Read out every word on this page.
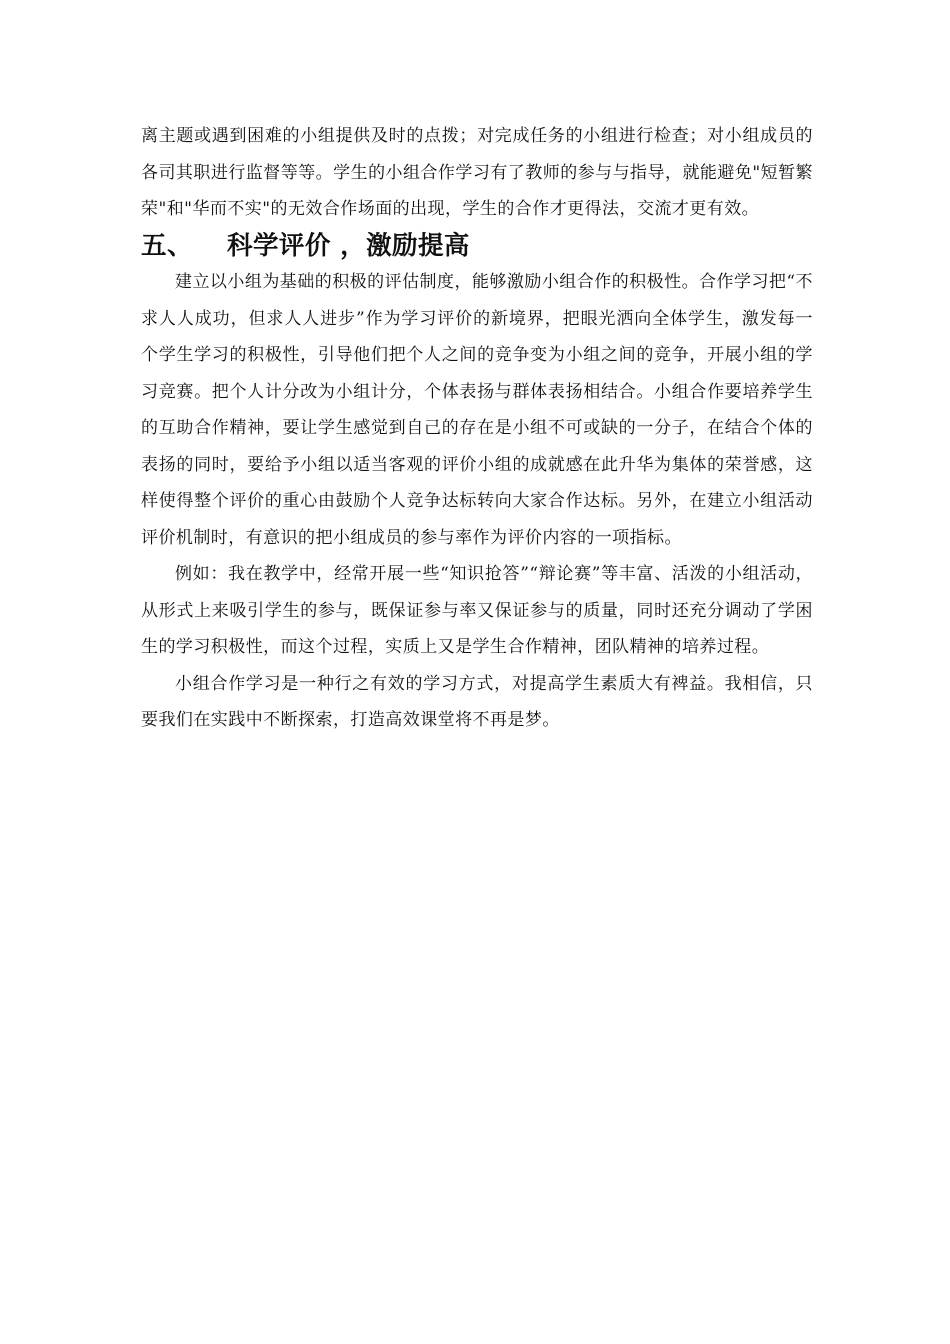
离主题或遇到困难的小组提供及时的点拨；对完成任务的小组进行检查；对小组成员的各司其职进行监督等等。学生的小组合作学习有了教师的参与与指导，就能避免"短暂繁荣"和"华而不实"的无效合作场面的出现，学生的合作才更得法，交流才更有效。

五、	科学评价 ，激励提高

建立以小组为基础的积极的评估制度，能够激励小组合作的积极性。合作学习把“不求人人成功，但求人人进步”作为学习评价的新境界，把眼光洒向全体学生，激发每一个学生学习的积极性，引导他们把个人之间的竞争变为小组之间的竞争，开展小组的学习竞赛。把个人计分改为小组计分，个体表扬与群体表扬相结合。小组合作要培养学生的互助合作精神，要让学生感觉到自己的存在是小组不可或缺的一分子，在结合个体的表扬的同时，要给予小组以适当客观的评价小组的成就感在此升华为集体的荣誉感，这样使得整个评价的重心由鼓励个人竞争达标转向大家合作达标。另外，在建立小组活动评价机制时，有意识的把小组成员的参与率作为评价内容的一项指标。

例如：我在教学中，经常开展一些“知识抢答”“辩论赛”等丰富、活泼的小组活动，从形式上来吸引学生的参与，既保证参与率又保证参与的质量，同时还充分调动了学困生的学习积极性，而这个过程，实质上又是学生合作精神，团队精神的培养过程。

小组合作学习是一种行之有效的学习方式，对提高学生素质大有裨益。我相信，只要我们在实践中不断探索，打造高效课堂将不再是梦。
